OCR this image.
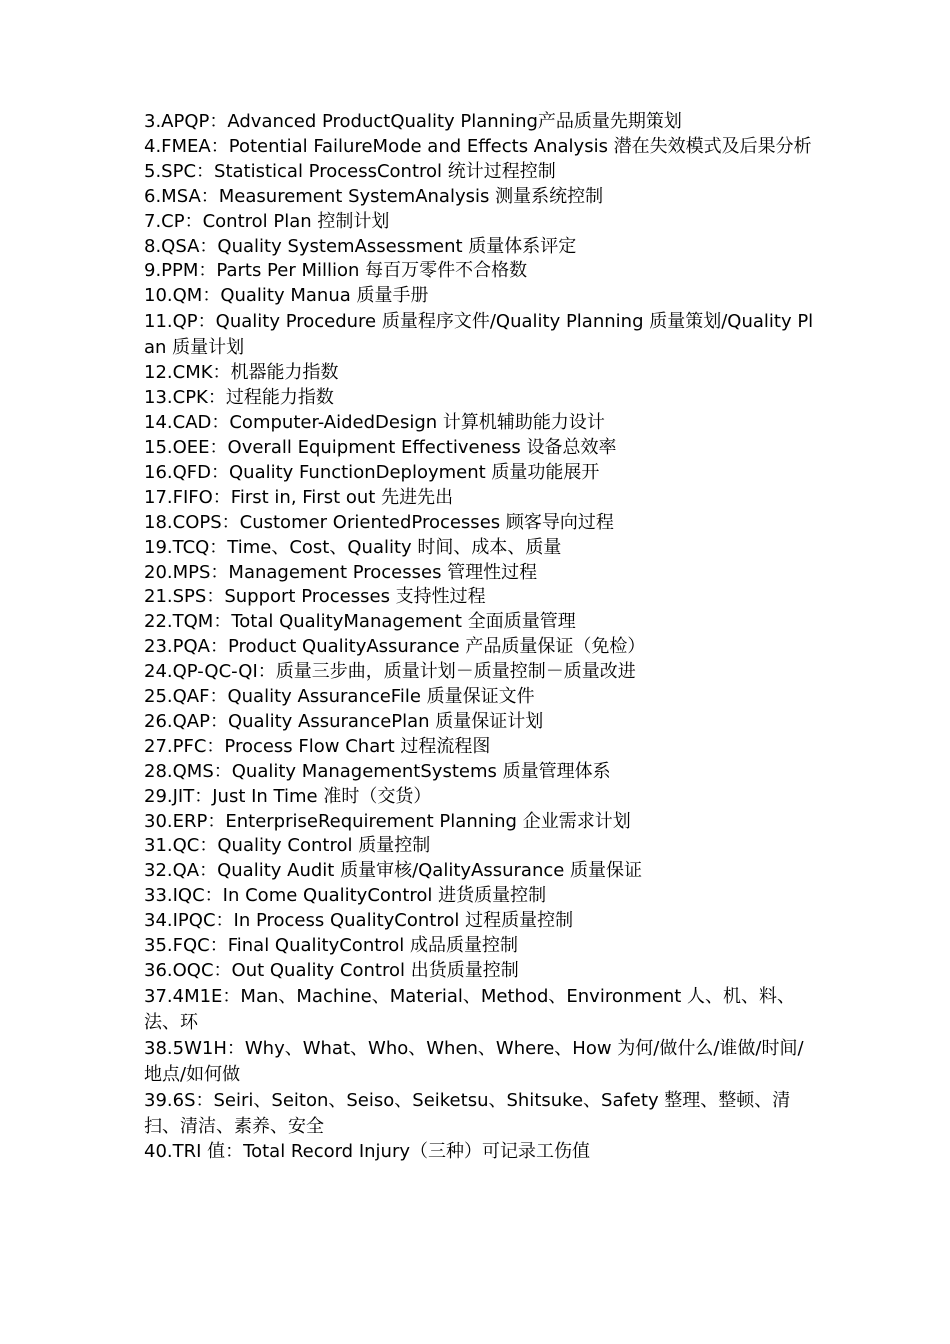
3.APQP：Advanced ProductQuality Planning产品质量先期策划

4.FMEA：Potential FailureMode and Effects Analysis 潜在失效模式及后果分析

5.SPC：Statistical ProcessControl 统计过程控制

6.MSA：Measurement SystemAnalysis 测量系统控制

7.CP：Control Plan 控制计划

8.QSA：Quality SystemAssessment 质量体系评定

9.PPM：Parts Per Million 每百万零件不合格数

10.QM：Quality Manua 质量手册

11.QP：Quality Procedure 质量程序文件/Quality Planning 质量策划/Quality Plan 质量计划

12.CMK：机器能力指数

13.CPK：过程能力指数

14.CAD：Computer-AidedDesign 计算机辅助能力设计

15.OEE：Overall Equipment Effectiveness 设备总效率

16.QFD：Quality FunctionDeployment 质量功能展开

17.FIFO：First in, First out 先进先出

18.COPS：Customer OrientedProcesses 顾客导向过程

19.TCQ：Time、Cost、Quality 时间、成本、质量

20.MPS：Management Processes 管理性过程

21.SPS：Support Processes 支持性过程

22.TQM：Total QualityManagement 全面质量管理

23.PQA：Product QualityAssurance 产品质量保证（免检）

24.QP-QC-QI：质量三步曲，质量计划－质量控制－质量改进

25.QAF：Quality AssuranceFile 质量保证文件

26.QAP：Quality AssurancePlan 质量保证计划

27.PFC：Process Flow Chart 过程流程图

28.QMS：Quality ManagementSystems 质量管理体系

29.JIT：Just In Time 准时（交货）

30.ERP：EnterpriseRequirement Planning 企业需求计划

31.QC：Quality Control 质量控制

32.QA：Quality Audit 质量审核/QalityAssurance 质量保证

33.IQC：In Come QualityControl 进货质量控制

34.IPQC：In Process QualityControl 过程质量控制

35.FQC：Final QualityControl 成品质量控制

36.OQC：Out Quality Control 出货质量控制

37.4M1E：Man、Machine、Material、Method、Environment 人、机、料、法、环

38.5W1H：Why、What、Who、When、Where、How 为何/做什么/谁做/时间/地点/如何做

39.6S：Seiri、Seiton、Seiso、Seiketsu、Shitsuke、Safety 整理、整顿、清扫、清洁、素养、安全

40.TRI 值：Total Record Injury（三种）可记录工伤值
